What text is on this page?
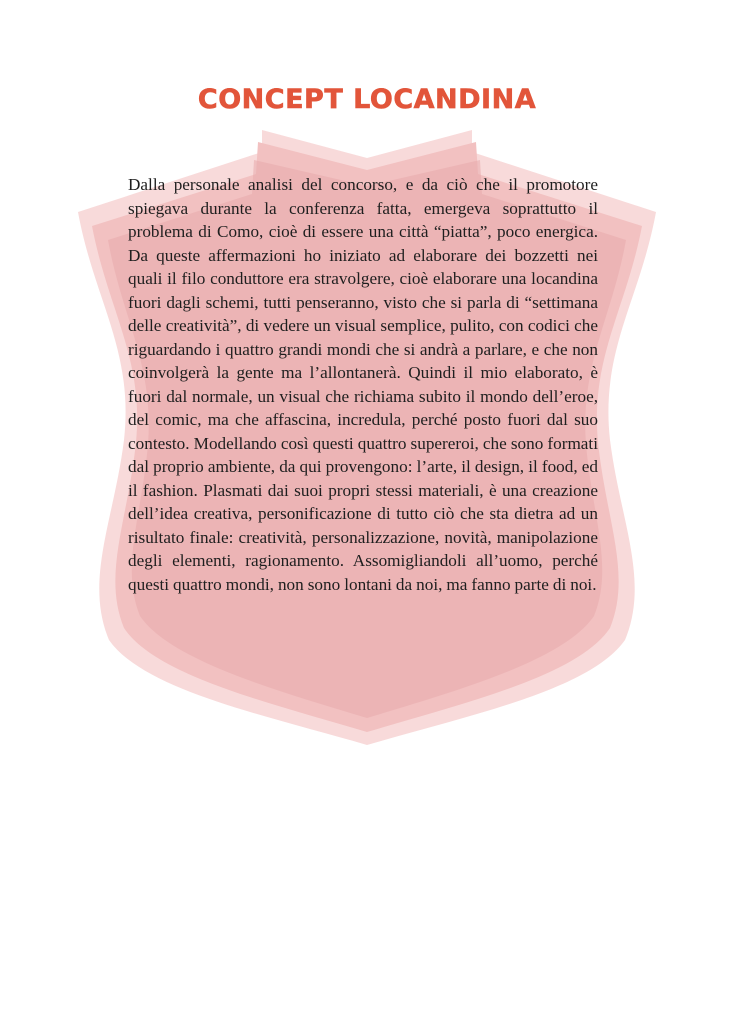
CONCEPT LOCANDINA

Dalla personale analisi del concorso, e da ciò che il promotore spiegava durante la conferenza fatta, emergeva soprattutto il problema di Como, cioè di essere una città “piatta”, poco energica. Da queste affermazioni ho iniziato ad elaborare dei bozzetti nei quali il filo conduttore era stravolgere, cioè elaborare una locandina fuori dagli schemi, tutti penseranno, visto che si parla di “settimana delle creatività”, di vedere un visual semplice, pulito, con codici che riguardando i quattro grandi mondi che si andrà a parlare, e che non coinvolgerà la gente ma l’allontanerà. Quindi il mio elaborato, è fuori dal normale, un visual che richiama subito il mondo dell’eroe, del comic, ma che affascina, incredula, perché posto fuori dal suo contesto. Modellando così questi quattro supereroi, che sono formati dal proprio ambiente, da qui provengono: l’arte, il design, il food, ed il fashion. Plasmati dai suoi propri stessi materiali, è una creazione dell’idea creativa, personificazione di tutto ciò che sta dietra ad un risultato finale: creatività, personalizzazione, novità, manipolazione degli elementi, ragionamento. Assomigliandoli all’uomo, perché questi quattro mondi, non sono lontani da noi, ma fanno parte di noi.
